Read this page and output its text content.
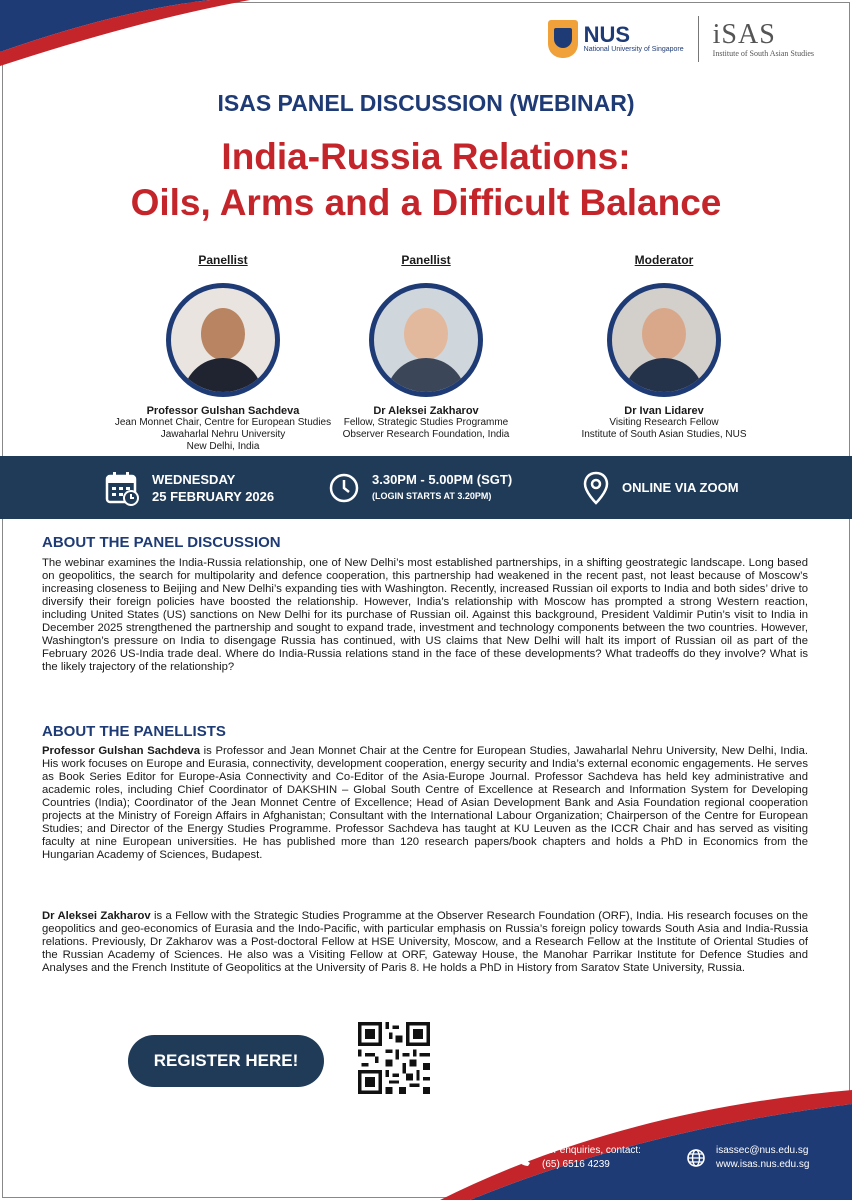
NUS
National University of Singapore iSAS
Institute of South Asian Studies
ISAS PANEL DISCUSSION (WEBINAR)
India-Russia Relations:
Oils, Arms and a Difficult Balance
Panellist
Professor Gulshan Sachdeva
Jean Monnet Chair, Centre for European Studies
Jawaharlal Nehru University
New Delhi, India
Panellist
Dr Aleksei Zakharov
Fellow, Strategic Studies Programme
Observer Research Foundation, India
Moderator
Dr Ivan Lidarev
Visiting Research Fellow
Institute of South Asian Studies, NUS
WEDNESDAY
25 FEBRUARY 2026
3.30PM - 5.00PM (SGT)
(LOGIN STARTS AT 3.20PM)
ONLINE VIA ZOOM
ABOUT THE PANEL DISCUSSION
The webinar examines the India-Russia relationship, one of New Delhi’s most established partnerships, in a shifting geostrategic landscape. Long based on geopolitics, the search for multipolarity and defence cooperation, this partnership had weakened in the recent past, not least because of Moscow’s increasing closeness to Beijing and New Delhi’s expanding ties with Washington. Recently, increased Russian oil exports to India and both sides’ drive to diversify their foreign policies have boosted the relationship. However, India’s relationship with Moscow has prompted a strong Western reaction, including United States (US) sanctions on New Delhi for its purchase of Russian oil. Against this background, President Valdimir Putin’s visit to India in December 2025 strengthened the partnership and sought to expand trade, investment and technology components between the two countries. However, Washington’s pressure on India to disengage Russia has continued, with US claims that New Delhi will halt its import of Russian oil as part of the February 2026 US-India trade deal. Where do India-Russia relations stand in the face of these developments? What tradeoffs do they involve? What is the likely trajectory of the relationship?
ABOUT THE PANELLISTS
Professor Gulshan Sachdeva is Professor and Jean Monnet Chair at the Centre for European Studies, Jawaharlal Nehru University, New Delhi, India. His work focuses on Europe and Eurasia, connectivity, development cooperation, energy security and India’s external economic engagements. He serves as Book Series Editor for Europe-Asia Connectivity and Co-Editor of the Asia-Europe Journal. Professor Sachdeva has held key administrative and academic roles, including Chief Coordinator of DAKSHIN – Global South Centre of Excellence at Research and Information System for Developing Countries (India); Coordinator of the Jean Monnet Centre of Excellence; Head of Asian Development Bank and Asia Foundation regional cooperation projects at the Ministry of Foreign Affairs in Afghanistan; Consultant with the International Labour Organization; Chairperson of the Centre for European Studies; and Director of the Energy Studies Programme. Professor Sachdeva has taught at KU Leuven as the ICCR Chair and has served as visiting faculty at nine European universities. He has published more than 120 research papers/book chapters and holds a PhD in Economics from the Hungarian Academy of Sciences, Budapest.
Dr Aleksei Zakharov is a Fellow with the Strategic Studies Programme at the Observer Research Foundation (ORF), India. His research focuses on the geopolitics and geo-economics of Eurasia and the Indo-Pacific, with particular emphasis on Russia’s foreign policy towards South Asia and India-Russia relations. Previously, Dr Zakharov was a Post-doctoral Fellow at HSE University, Moscow, and a Research Fellow at the Institute of Oriental Studies of the Russian Academy of Sciences. He also was a Visiting Fellow at ORF, Gateway House, the Manohar Parrikar Institute for Defence Studies and Analyses and the French Institute of Geopolitics at the University of Paris 8. He holds a PhD in History from Saratov State University, Russia.
REGISTER HERE!
For enquiries, contact:
(65) 6516 4239
isassec@nus.edu.sg
www.isas.nus.edu.sg
